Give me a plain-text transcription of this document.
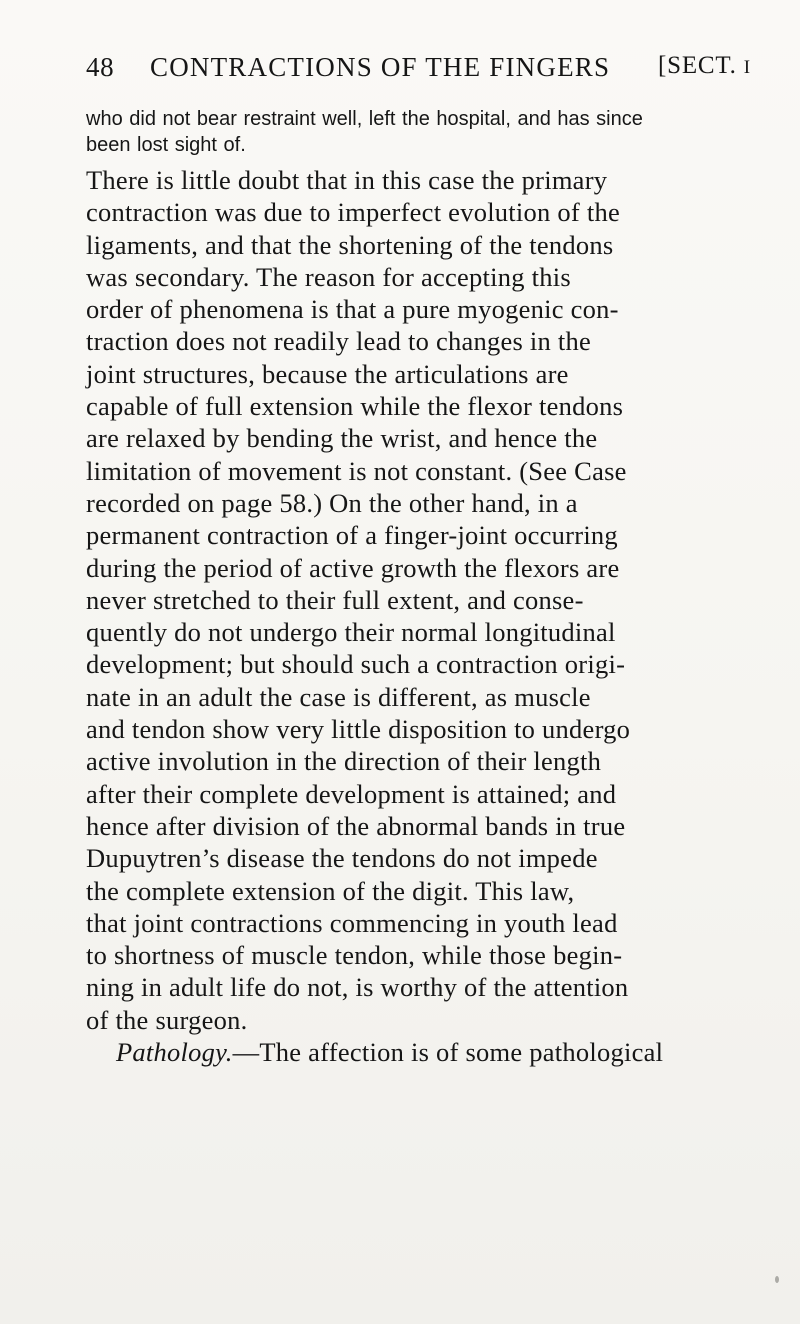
48 CONTRACTIONS OF THE FINGERS [SECT. I

who did not bear restraint well, left the hospital, and has since

been lost sight of.

There is little doubt that in this case the primary

contraction was due to imperfect evolution of the

ligaments, and that the shortening of the tendons

was secondary. The reason for accepting this

order of phenomena is that a pure myogenic con-

traction does not readily lead to changes in the

joint structures, because the articulations are

capable of full extension while the flexor tendons

are relaxed by bending the wrist, and hence the

limitation of movement is not constant. (See Case

recorded on page 58.) On the other hand, in a

permanent contraction of a finger-joint occurring

during the period of active growth the flexors are

never stretched to their full extent, and conse-

quently do not undergo their normal longitudinal

development; but should such a contraction origi-

nate in an adult the case is different, as muscle

and tendon show very little disposition to undergo

active involution in the direction of their length

after their complete development is attained; and

hence after division of the abnormal bands in true

Dupuytren’s disease the tendons do not impede

the complete extension of the digit. This law,

that joint contractions commencing in youth lead

to shortness of muscle tendon, while those begin-

ning in adult life do not, is worthy of the attention

of the surgeon.

Pathology.—The affection is of some pathological
